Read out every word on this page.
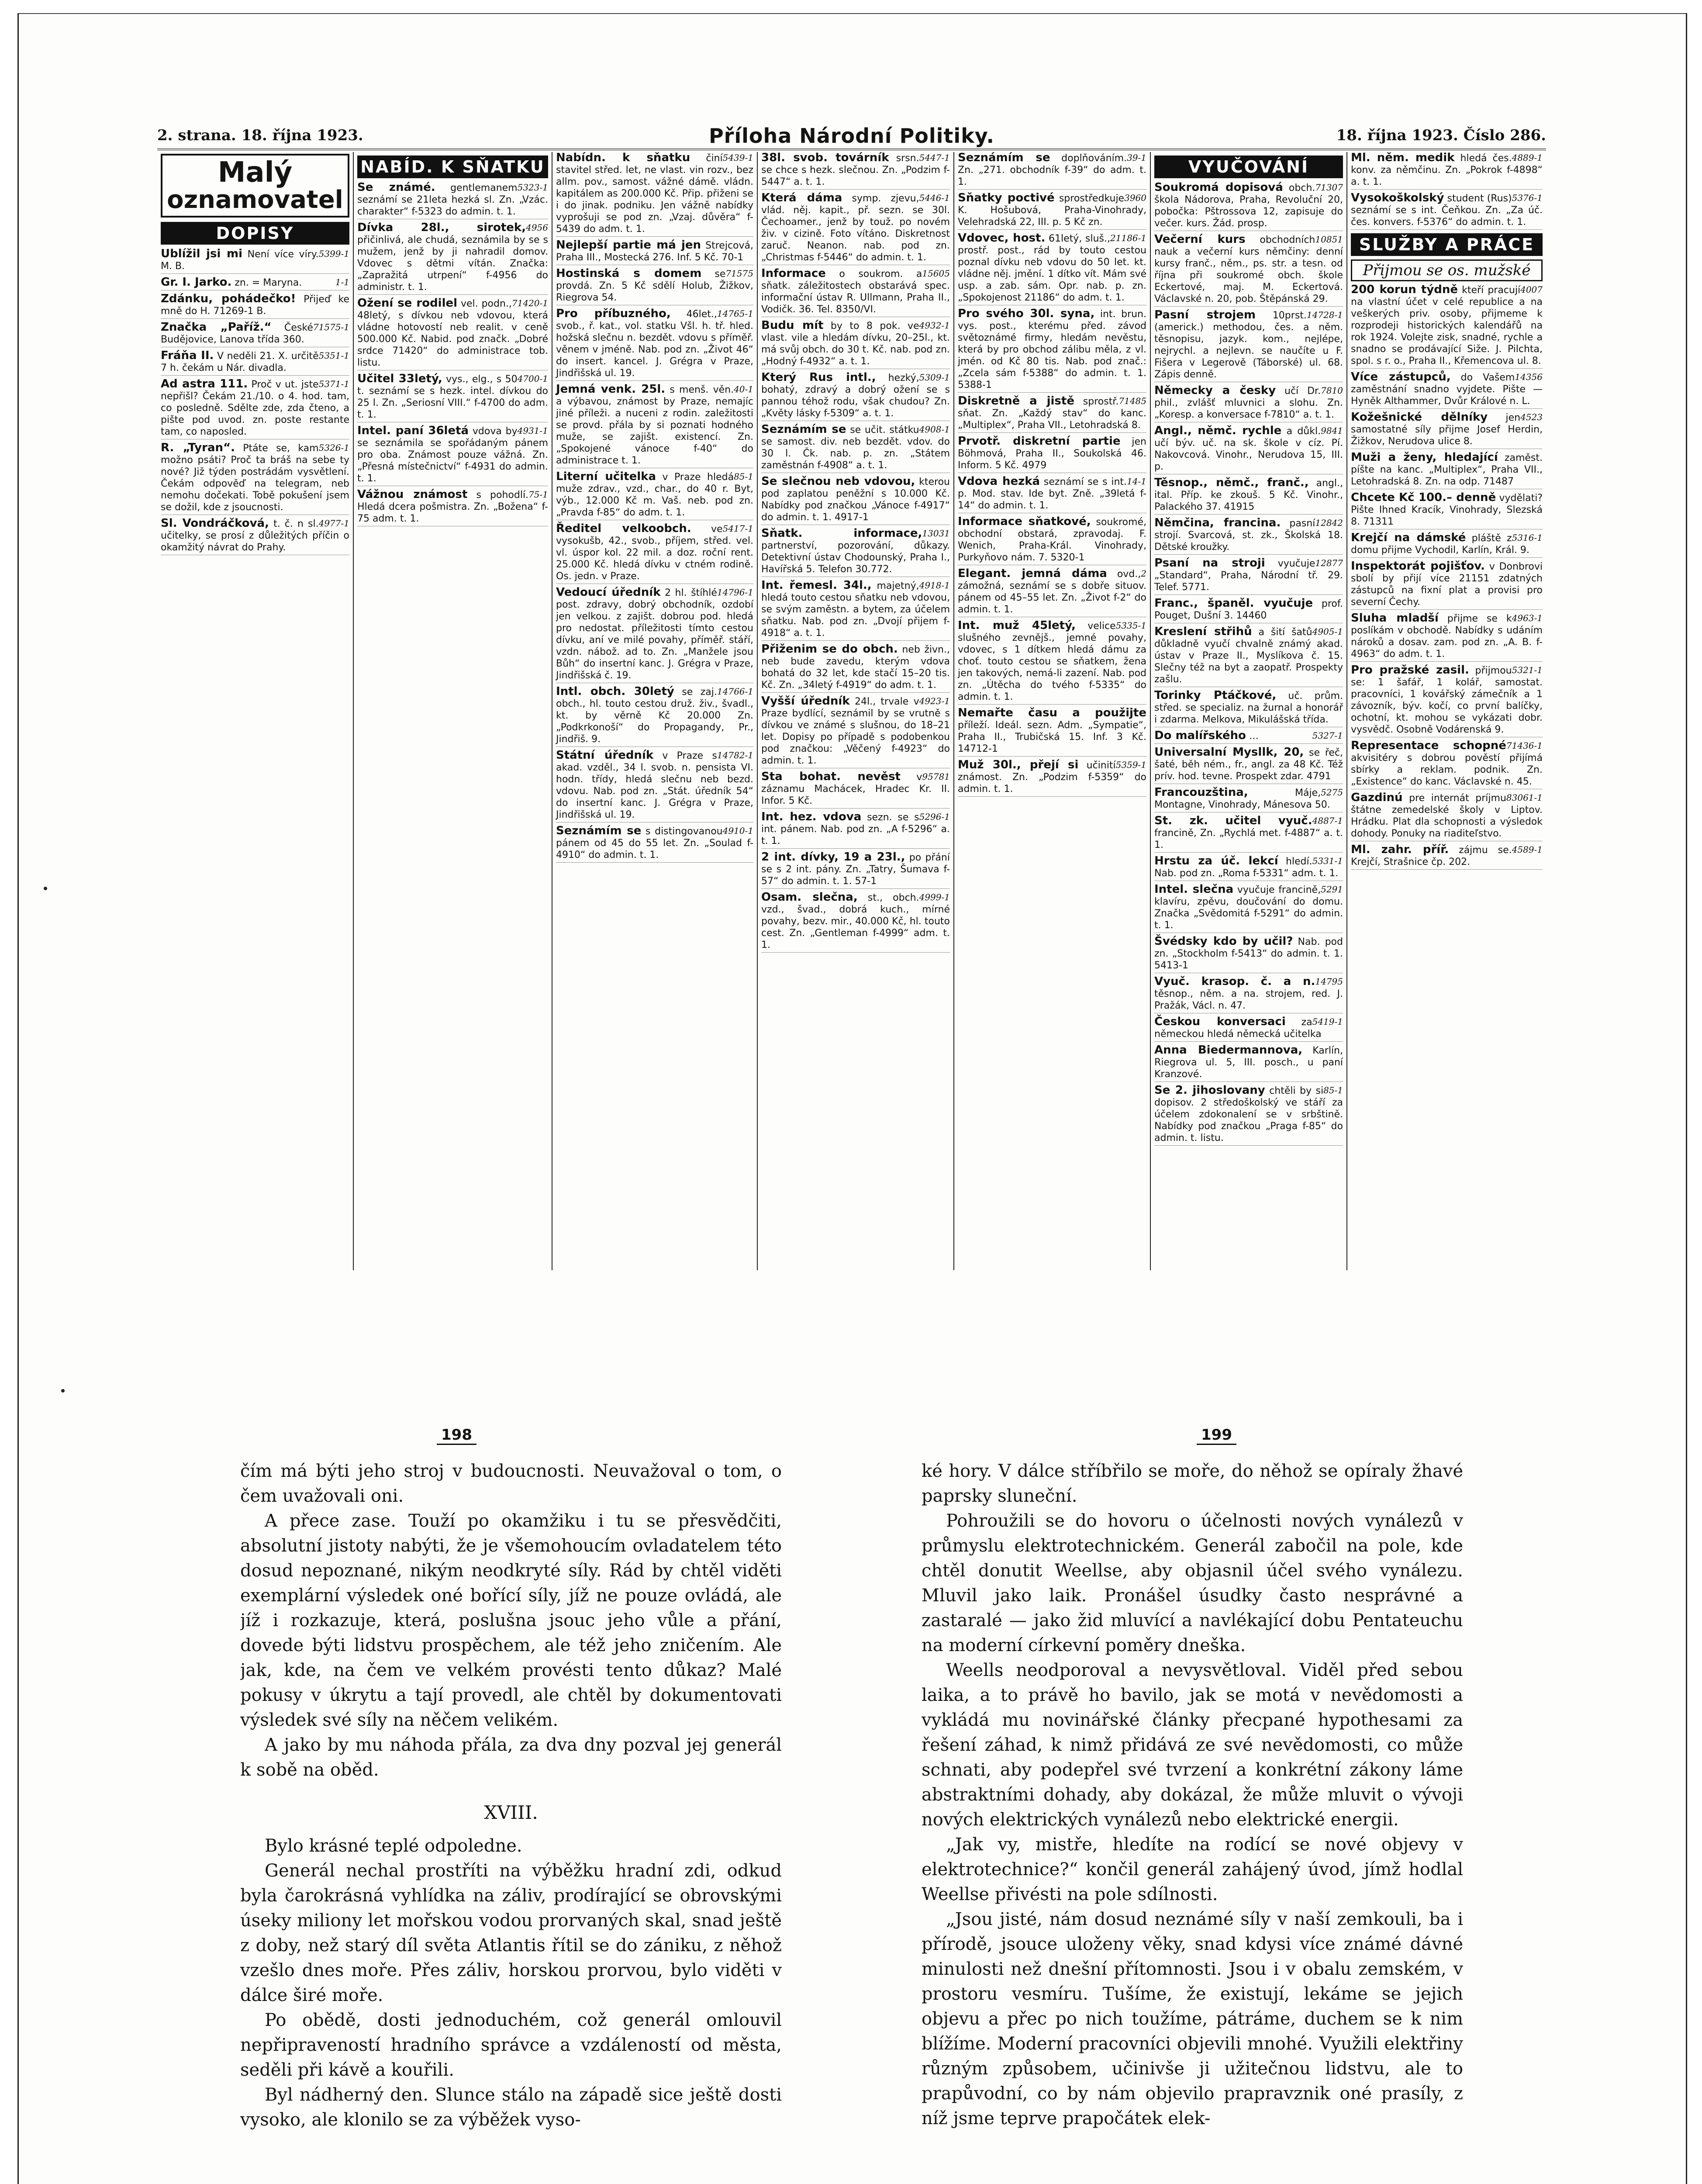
2. strana. 18. října 1923.	Příloha Národní Politiky.	18. října 1923. Číslo 286.
Malý
oznamovatel
DOPISY
5399-1
Ublížil jsi mi Není více víry. M. B.
1-1
Gr. I. Jarko. zn. = Maryna.
Zdánku, pohádečko! Přijeď ke mně do H. 71269-1 B.
71575-1
Značka „Paříž.“ České Budějovice, Lanova třída 360.
5351-1
Fráňa II. V neděli 21. X. určitě 7 h. čekám u Nár. divadla.
5371-1
Ad astra 111. Proč v ut. jste nepřišl? Čekám 21./10. o 4. hod. tam, co posledně. Sdělte zde, zda čteno, a pište pod uvod. zn. poste restante tam, co naposled.
5326-1
R. „Tyran“. Ptáte se, kam možno psáti? Proč ta bráš na sebe ty nové? Již týden postrádám vysvětlení. Čekám odpověď na telegram, neb nemohu dočekati. Tobě pokušení jsem se dožil, kde z jsoucnosti.
4977-1
Sl. Vondráčková, t. č. n sl. učitelky, se prosí z důležitých příčin o okamžitý návrat do Prahy.
NABÍD. K SŇATKU
5323-1
Se známé. gentlemanem seznámí se 21leta hezká sl. Zn. „Vzác. charakter“ f-5323 do admin. t. 1.
4956
Dívka 28l., sirotek, přičinlivá, ale chudá, seznámila by se s mužem, jenž by ji nahradil domov. Vdovec s dětmi vítán. Značka: „Zapražitá utrpení“ f-4956 do administr. t. 1.
71420-1
Ožení se rodilel vel. podn., 48letý, s dívkou neb vdovou, která vládne hotovostí neb realit. v ceně 500.000 Kč. Nabid. pod značk. „Dobré srdce 71420“ do administrace tob. listu.
4700-1
Učitel 33letý, vys., elg., s 50 t. seznámí se s hezk. intel. dívkou do 25 l. Zn. „Seriosní VIII.“ f-4700 do adm. t. 1.
4931-1
Intel. paní 36letá vdova by se seznámila se spořádaným pánem pro oba. Známost pouze vážná. Zn. „Přesná místečnictví“ f-4931 do admin. t. 1.
75-1
Vážnou známost s pohodlí. Hledá dcera pošmistra. Zn. „Božena“ f-75 adm. t. 1.
5439-1
Nabídn. k sňatku činí stavitel střed. let, ne vlast. vin rozv., bez allm. pov., samost. vážné dámě. vládn. kapitálem as 200.000 Kč. Přip. přiženi se i do jinak. podniku. Jen vážně nabídky vyprošuji se pod zn. „Vzaj. důvěra“ f-5439 do adm. t. 1.
Nejlepší partie má jen Strejcová, Praha III., Mostecká 276. Inf. 5 Kč. 70-1
71575
Hostinská s domem se provdá. Zn. 5 Kč sdělí Holub, Žižkov, Riegrova 54.
14765-1
Pro příbuzného, 46let., svob., ř. kat., vol. statku Všl. h. tř. hled. hožská slečnu n. bezdět. vdovu s příměř. věnem v jméně. Nab. pod zn. „Život 46“ do insert. kancel. J. Grégra v Praze, Jindřišská ul. 19.
40-1
Jemná venk. 25l. s menš. věn. a výbavou, známost by Praze, nemajíc jiné příleži. a nuceni z rodin. zaležitosti se provd. přála by si poznati hodného muže, se zajišt. existencí. Zn. „Spokojené vánoce f-40“ do administrace t. 1.
85-1
Literní učitelka v Praze hledá muže zdrav., vzd., char., do 40 r. Byt, výb., 12.000 Kč m. Vaš. neb. pod zn. „Pravda f-85“ do adm. t. 1.
5417-1
Ředitel velkoobch. ve vysokušb, 42., svob., příjem, střed. vel. vl. úspor kol. 22 mil. a doz. roční rent. 25.000 Kč. hledá dívku v ctném rodině. Os. jedn. v Praze.
14796-1
Vedoucí úředník 2 hl. štíhlé post. zdravy, dobrý obchodník, ozdobí jen velkou. z zajišt. dobrou pod. hledá pro nedostat. příležitosti tímto cestou dívku, aní ve milé povahy, příměř. stáří, vzdn. nábož. ad to. Zn. „Manžele jsou Bůh“ do insertní kanc. J. Grégra v Praze, Jindřišská č. 19.
14766-1
Intl. obch. 30letý se zaj. obch., hl. touto cestou druž. živ., švadl., kt. by věrně Kč 20.000 Zn. „Podkrkonoší“ do Propagandy, Pr., Jindřiš. 9.
14782-1
Státní úředník v Praze s akad. vzděl., 34 l. svob. n. pensista VI. hodn. třídy, hledá slečnu neb bezd. vdovu. Nab. pod zn. „Stát. úředník 54“ do insertní kanc. J. Grégra v Praze, Jindřišská ul. 19.
4910-1
Seznámím se s distingovanou pánem od 45 do 55 let. Zn. „Soulad f-4910“ do admin. t. 1.
5447-1
38l. svob. továrník srsn. se chce s hezk. slečnou. Zn. „Podzim f-5447“ a. t. 1.
5446-1
Která dáma symp. zjevu, vlád. něj. kapit., př. sezn. se 30l. Čechoamer., jenž by touž. po novém živ. v cizině. Foto vítáno. Diskretnost zaruč. Neanon. nab. pod zn. „Christmas f-5446“ do admin. t. 1.
15605
Informace o soukrom. a sňatk. záležitostech obstarává spec. informační ústav R. Ullmann, Praha II., Vodičk. 36. Tel. 8350/VI.
4932-1
Budu mít by to 8 pok. ve vlast. vile a hledám dívku, 20–25l., kt. má svůj obch. do 30 t. Kč. nab. pod zn. „Hodný f-4932“ a. t. 1.
5309-1
Který Rus intl., hezký, bohatý, zdravý a dobrý ožení se s pannou téhož rodu, však chudou? Zn. „Květy lásky f-5309“ a. t. 1.
4908-1
Seznámím se se učit. státku se samost. div. neb bezdět. vdov. do 30 l. Čk. nab. p. zn. „Státem zaměstnán f-4908“ a. t. 1.
Se slečnou neb vdovou, kterou pod zaplatou peněžní s 10.000 Kč. Nabídky pod značkou „Vánoce f-4917“ do admin. t. 1. 4917-1
13031
Sňatk. informace, partnerství, pozorování, důkazy. Detektivní ústav Chodounský, Praha I., Havířská 5. Telefon 30.772.
4918-1
Int. řemesl. 34l., majetný, hledá touto cestou sňatku neb vdovou, se svým zaměstn. a bytem, za účelem sňatku. Nab. pod zn. „Dvojí přijem f-4918“ a. t. 1.
Přiženim se do obch. neb živn., neb bude zavedu, kterým vdova bohatá do 32 let, kde stačí 15–20 tis. Kč. Zn. „34letý f-4919“ do adm. t. 1.
4923-1
Vyšší úředník 24l., trvale v Praze bydlící, seznámil by se vrutně s dívkou ve známé s slušnou, do 18–21 let. Dopisy po případě s podobenkou pod značkou: „Věčený f-4923“ do admin. t. 1.
95781
Sta bohat. nevěst v záznamu Machácek, Hradec Kr. II. Infor. 5 Kč.
5296-1
Int. hez. vdova sezn. se s int. pánem. Nab. pod zn. „A f-5296“ a. t. 1.
2 int. dívky, 19 a 23l., po přání se s 2 int. pány. Zn. „Tatry, Šumava f-57“ do admin. t. 1. 57-1
4999-1
Osam. slečna, st., obch. vzd., švad., dobrá kuch., mírné povahy, bezv. mir., 40.000 Kč, hl. touto cest. Zn. „Gentleman f-4999“ adm. t. 1.
39-1
Seznámím se doplňováním. Zn. „271. obchodník f-39“ do adm. t. 1.
3960
Sňatky poctivé sprostředkuje K. Hošubová, Praha-Vinohrady, Velehradská 22, III. p. 5 Kč zn.
21186-1
Vdovec, host. 61letý, sluš., prostř. post., rád by touto cestou poznal dívku neb vdovu do 50 let. kt. vládne něj. jmění. 1 dítko vít. Mám své usp. a zab. sám. Opr. nab. p. zn. „Spokojenost 21186“ do adm. t. 1.
Pro svého 30l. syna, int. brun. vys. post., kterému před. závod světoznámé firmy, hledám nevěstu, která by pro obchod zálibu měla, z vl. jmén. od Kč 80 tis. Nab. pod znač.: „Zcela sám f-5388“ do admin. t. 1. 5388-1
71485
Diskretně a jistě sprostř. sňat. Zn. „Každý stav“ do kanc. „Multiplex“, Praha VII., Letohradská 8.
Prvotř. diskretní partie jen Böhmová, Praha II., Soukolská 46. Inform. 5 Kč. 4979
14-1
Vdova hezká seznámí se s int. p. Mod. stav. Ide byt. Zně. „39letá f-14“ do admin. t. 1.
Informace sňatkové, soukromé, obchodní obstará, zpravodaj. F. Wenich, Praha-Král. Vinohrady, Purkyňovo nám. 7. 5320-1
2
Elegant. jemná dáma ovd., zámožná, seznámí se s dobře situov. pánem od 45–55 let. Zn. „Život f-2“ do admin. t. 1.
5335-1
Int. muž 45letý, velice slušného zevnějš., jemné povahy, vdovec, s 1 dítkem hledá dámu za choť. touto cestou se sňatkem, žena jen takových, nemá-li zazení. Nab. pod zn. „Útěcha do tvého f-5335“ do admin. t. 1.
Nemařte času a použijte příleží. Ideál. sezn. Adm. „Sympatie“, Praha II., Trubičská 15. Inf. 3 Kč. 14712-1
5359-1
Muž 30l., přejí si učinití známost. Zn. „Podzim f-5359“ do admin. t. 1.
VYUČOVÁNÍ
71307
Soukromá dopisová obch. škola Nádorova, Praha, Revoluční 20, pobočka: Pštrossova 12, zapisuje do večer. kurs. Žád. prosp.
10851
Večerní kurs obchodních nauk a večerní kurs němčiny: denní kursy franč., něm., ps. str. a tesn. od října při soukromé obch. škole Eckertové, maj. M. Eckertová. Václavské n. 20, pob. Štěpánská 29.
14728-1
Pasní strojem 10prst. (americk.) methodou, čes. a něm. těsnopisu, jazyk. kom., nejlépe, nejrychl. a nejlevn. se naučíte u F. Fišera v Legerově (Táborské) ul. 68. Zápis denně.
7810
Německy a česky učí Dr. phil., zvlášť mluvnici a slohu. Zn. „Koresp. a konversace f-7810“ a. t. 1.
9841
Angl., němč. rychle a důkl. učí býv. uč. na sk. škole v cíz. Pí. Nakovcová. Vinohr., Nerudova 15, III. p.
Těsnop., němč., franč., angl., ital. Příp. ke zkouš. 5 Kč. Vinohr., Palackého 37. 41915
12842
Němčina, francina. pasní strojí. Svarcová, st. zk., Školská 18. Dětské kroužky.
12877
Psaní na stroji vyučuje „Standard“, Praha, Národní tř. 29. Telef. 5771.
Franc., španěl. vyučuje prof. Pouget, Dušní 3. 14460
4905-1
Kreslení střihů a šití šatů důkladně vyučí chvalně známý akad. ústav v Praze II., Myslíkova č. 15. Slečny též na byt a zaopatř. Prospekty zašlu.
Torinky Ptáčkové, uč. prům. střed. se specializ. na žurnal a honorář i zdarma. Melkova, Mikulášská třída.
5327-1
Do malířského …
Universalní Mysllk, 20, se řeč, šaté, běh ném., fr., angl. za 48 Kč. Též prív. hod. tevne. Prospekt zdar. 4791
5275
Francouzština, Máje, Montagne, Vinohrady, Mánesova 50.
4887-1
St. zk. učitel vyuč. francině, Zn. „Rychlá met. f-4887“ a. t. 1.
5331-1
Hrstu za úč. lekcí hledí. Nab. pod zn. „Roma f-5331“ adm. t. 1.
5291
Intel. slečna vyučuje francině, klavíru, zpěvu, doučování do domu. Značka „Svědomitá f-5291“ do admin. t. 1.
Švédsky kdo by učil? Nab. pod zn. „Stockholm f-5413“ do admin. t. 1. 5413-1
14795
Vyuč. krasop. č. a n. těsnop., něm. a na. strojem, red. J. Pražák, Václ. n. 47.
5419-1
Českou konversaci za německou hledá německá učitelka
Anna Biedermannova, Karlín, Riegrova ul. 5, III. posch., u paní Kranzové.
85-1
Se 2. jihoslovany chtěli by si dopisov. 2 středoškolský ve stáří za účelem zdokonalení se v srbštině. Nabídky pod značkou „Praga f-85“ do admin. t. listu.
4889-1
Ml. něm. medik hledá čes. konv. za němčinu. Zn. „Pokrok f-4898“ a. t. 1.
5376-1
Vysokoškolský student (Rus) seznámí se s int. Čeňkou. Zn. „Za úč. čes. konvers. f-5376“ do admin. t. 1.
SLUŽBY A PRÁCE
Přijmou se os. mužské
4007
200 korun týdně kteří pracují na vlastní účet v celé republice a na veškerých priv. osoby, přijmeme k rozprodeji historických kalendářů na rok 1924. Volejte zisk, snadné, rychle a snadno se prodávající Siže. J. Pilchta, spol. s r. o., Praha II., Křemencova ul. 8.
14356
Více zástupců, do Vašem zaměstnání snadno vyjdete. Pište — Hyněk Althammer, Dvůr Králové n. L.
4523
Kožešnické dělníky jen samostatné síly přijme Josef Herdin, Žižkov, Nerudova ulice 8.
Muži a ženy, hledající zaměst. píšte na kanc. „Multiplex“, Praha VII., Letohradská 8. Zn. na odp. 71487
Chcete Kč 100.– denně vydělati? Pište Ihned Kracík, Vinohrady, Slezská 8. 71311
5316-1
Krejčí na dámské pláště z domu přijme Vychodil, Karlín, Král. 9.
Inspektorát pojišťov. v Donbrovi sbolí by přijí více 21151 zdatných zástupců na fixní plat a provisi pro severní Čechy.
4963-1
Sluha mladší přijme se k poslíkám v obchodě. Nabídky s udáním nároků a dosav. zam. pod zn. „A. B. f-4963“ do adm. t. 1.
5321-1
Pro pražské zasil. přijmou se: 1 šafář, 1 kolář, samostat. pracovníci, 1 kovářský zámečník a 1 závozník, býv. kočí, co první balíčky, ochotní, kt. mohou se vykázati dobr. vysvědč. Osobně Vodárenská 9.
71436-1
Representace schopné akvisitéry s dobrou pověstí přijímá sbírky a reklam. podnik. Zn. „Existence“ do kanc. Václavské n. 45.
83061-1
Gazdinú pre internát príjmu štátne zemedelské školy v Liptov. Hrádku. Plat dla schopnosti a výsledok dohody. Ponuky na riaditeľstvo.
4589-1
Ml. zahr. příř. zájmu se. Krejčí, Strašnice čp. 202.
198	199

čím má býti jeho stroj v budoucnosti. Neuvažoval o tom, o čem uvažovali oni.

A přece zase. Touží po okamžiku i tu se přesvědčiti, absolutní jistoty nabýti, že je všemohoucím ovladatelem této dosud nepoznané, nikým neodkryté síly. Rád by chtěl viděti exemplární výsledek oné bořící síly, jíž ne pouze ovládá, ale jíž i rozkazuje, která, poslušna jsouc jeho vůle a přání, dovede býti lidstvu prospěchem, ale též jeho zničením. Ale jak, kde, na čem ve velkém provésti tento důkaz? Malé pokusy v úkrytu a tají provedl, ale chtěl by dokumentovati výsledek své síly na něčem velikém.

A jako by mu náhoda přála, za dva dny pozval jej generál k sobě na oběd.

XVIII.

Bylo krásné teplé odpoledne.

Generál nechal prostříti na výběžku hradní zdi, odkud byla čarokrásná vyhlídka na záliv, prodírající se obrovskými úseky miliony let mořskou vodou prorvaných skal, snad ještě z doby, než starý díl světa Atlantis řítil se do zániku, z něhož vzešlo dnes moře. Přes záliv, horskou prorvou, bylo viděti v dálce širé moře.

Po obědě, dosti jednoduchém, což generál omlouvil nepřipraveností hradního správce a vzdáleností od města, seděli při kávě a kouřili.

Byl nádherný den. Slunce stálo na západě sice ještě dosti vysoko, ale klonilo se za výběžek vyso-

ké hory. V dálce stříbřilo se moře, do něhož se opíraly žhavé paprsky sluneční.

Pohroužili se do hovoru o účelnosti nových vynálezů v průmyslu elektrotechnickém. Generál zabočil na pole, kde chtěl donutit Weellse, aby objasnil účel svého vynálezu. Mluvil jako laik. Pronášel úsudky často nesprávné a zastaralé — jako žid mluvící a navlékající dobu Pentateuchu na moderní církevní poměry dneška.

Weells neodporoval a nevysvětloval. Viděl před sebou laika, a to právě ho bavilo, jak se motá v nevědomosti a vykládá mu novinářské články přecpané hypothesami za řešení záhad, k nimž přidává ze své nevědomosti, co může schnati, aby podepřel své tvrzení a konkrétní zákony láme abstraktními dohady, aby dokázal, že může mluvit o vývoji nových elektrických vynálezů nebo elektrické energii.

„Jak vy, mistře, hledíte na rodící se nové objevy v elektrotechnice?“ končil generál zahájený úvod, jímž hodlal Weellse přivésti na pole sdílnosti.

„Jsou jisté, nám dosud neznámé síly v naší zemkouli, ba i přírodě, jsouce uloženy věky, snad kdysi více známé dávné minulosti než dnešní přítomnosti. Jsou i v obalu zemském, v prostoru vesmíru. Tušíme, že existují, lekáme se jejich objevu a přec po nich toužíme, pátráme, duchem se k nim blížíme. Moderní pracovníci objevili mnohé. Využili elektřiny různým způsobem, učinivše ji užitečnou lidstvu, ale to prapůvodní, co by nám objevilo prapravznik oné prasíly, z níž jsme teprve prapočátek elek-
